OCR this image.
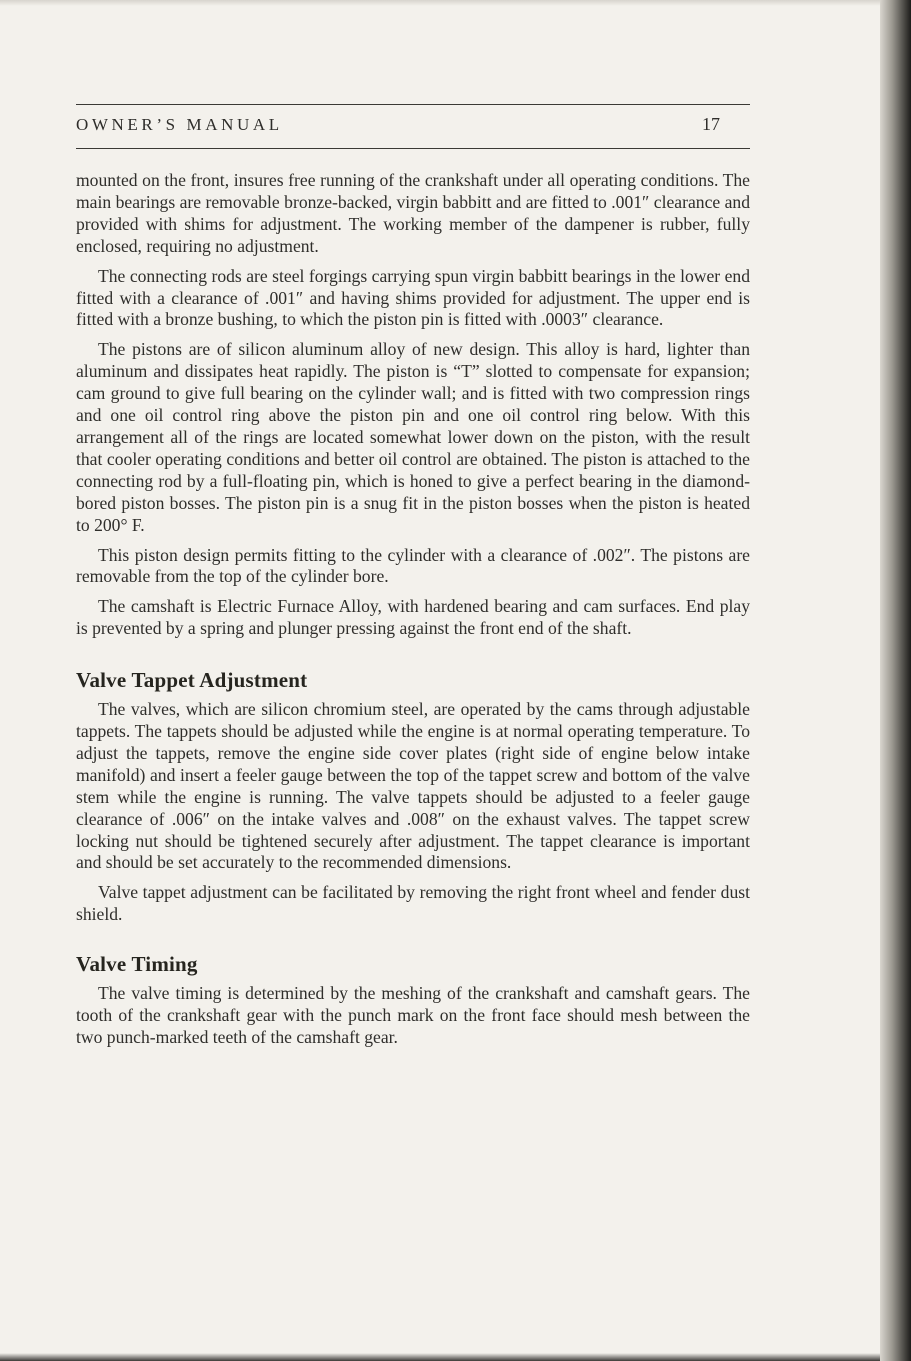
OWNER’S MANUAL	17

mounted on the front, insures free running of the crankshaft under all operating conditions. The main bearings are removable bronze-backed, virgin babbitt and are fitted to .001″ clearance and provided with shims for adjustment. The working member of the dampener is rubber, fully enclosed, requiring no adjustment.

The connecting rods are steel forgings carrying spun virgin babbitt bearings in the lower end fitted with a clearance of .001″ and having shims provided for adjustment. The upper end is fitted with a bronze bushing, to which the piston pin is fitted with .0003″ clearance.

The pistons are of silicon aluminum alloy of new design. This alloy is hard, lighter than aluminum and dissipates heat rapidly. The piston is “T” slotted to compensate for expansion; cam ground to give full bearing on the cylinder wall; and is fitted with two compression rings and one oil control ring above the piston pin and one oil control ring below. With this arrangement all of the rings are located somewhat lower down on the piston, with the result that cooler operating conditions and better oil control are obtained. The piston is attached to the connecting rod by a full-floating pin, which is honed to give a perfect bearing in the diamond-bored piston bosses. The piston pin is a snug fit in the piston bosses when the piston is heated to 200° F.

This piston design permits fitting to the cylinder with a clearance of .002″. The pistons are removable from the top of the cylinder bore.

The camshaft is Electric Furnace Alloy, with hardened bearing and cam surfaces. End play is prevented by a spring and plunger pressing against the front end of the shaft.

Valve Tappet Adjustment

The valves, which are silicon chromium steel, are operated by the cams through adjustable tappets. The tappets should be adjusted while the engine is at normal operating temperature. To adjust the tappets, remove the engine side cover plates (right side of engine below intake manifold) and insert a feeler gauge between the top of the tappet screw and bottom of the valve stem while the engine is running. The valve tappets should be adjusted to a feeler gauge clearance of .006″ on the intake valves and .008″ on the exhaust valves. The tappet screw locking nut should be tightened securely after adjustment. The tappet clearance is important and should be set accurately to the recommended dimensions.

Valve tappet adjustment can be facilitated by removing the right front wheel and fender dust shield.

Valve Timing

The valve timing is determined by the meshing of the crankshaft and camshaft gears. The tooth of the crankshaft gear with the punch mark on the front face should mesh between the two punch-marked teeth of the camshaft gear.
